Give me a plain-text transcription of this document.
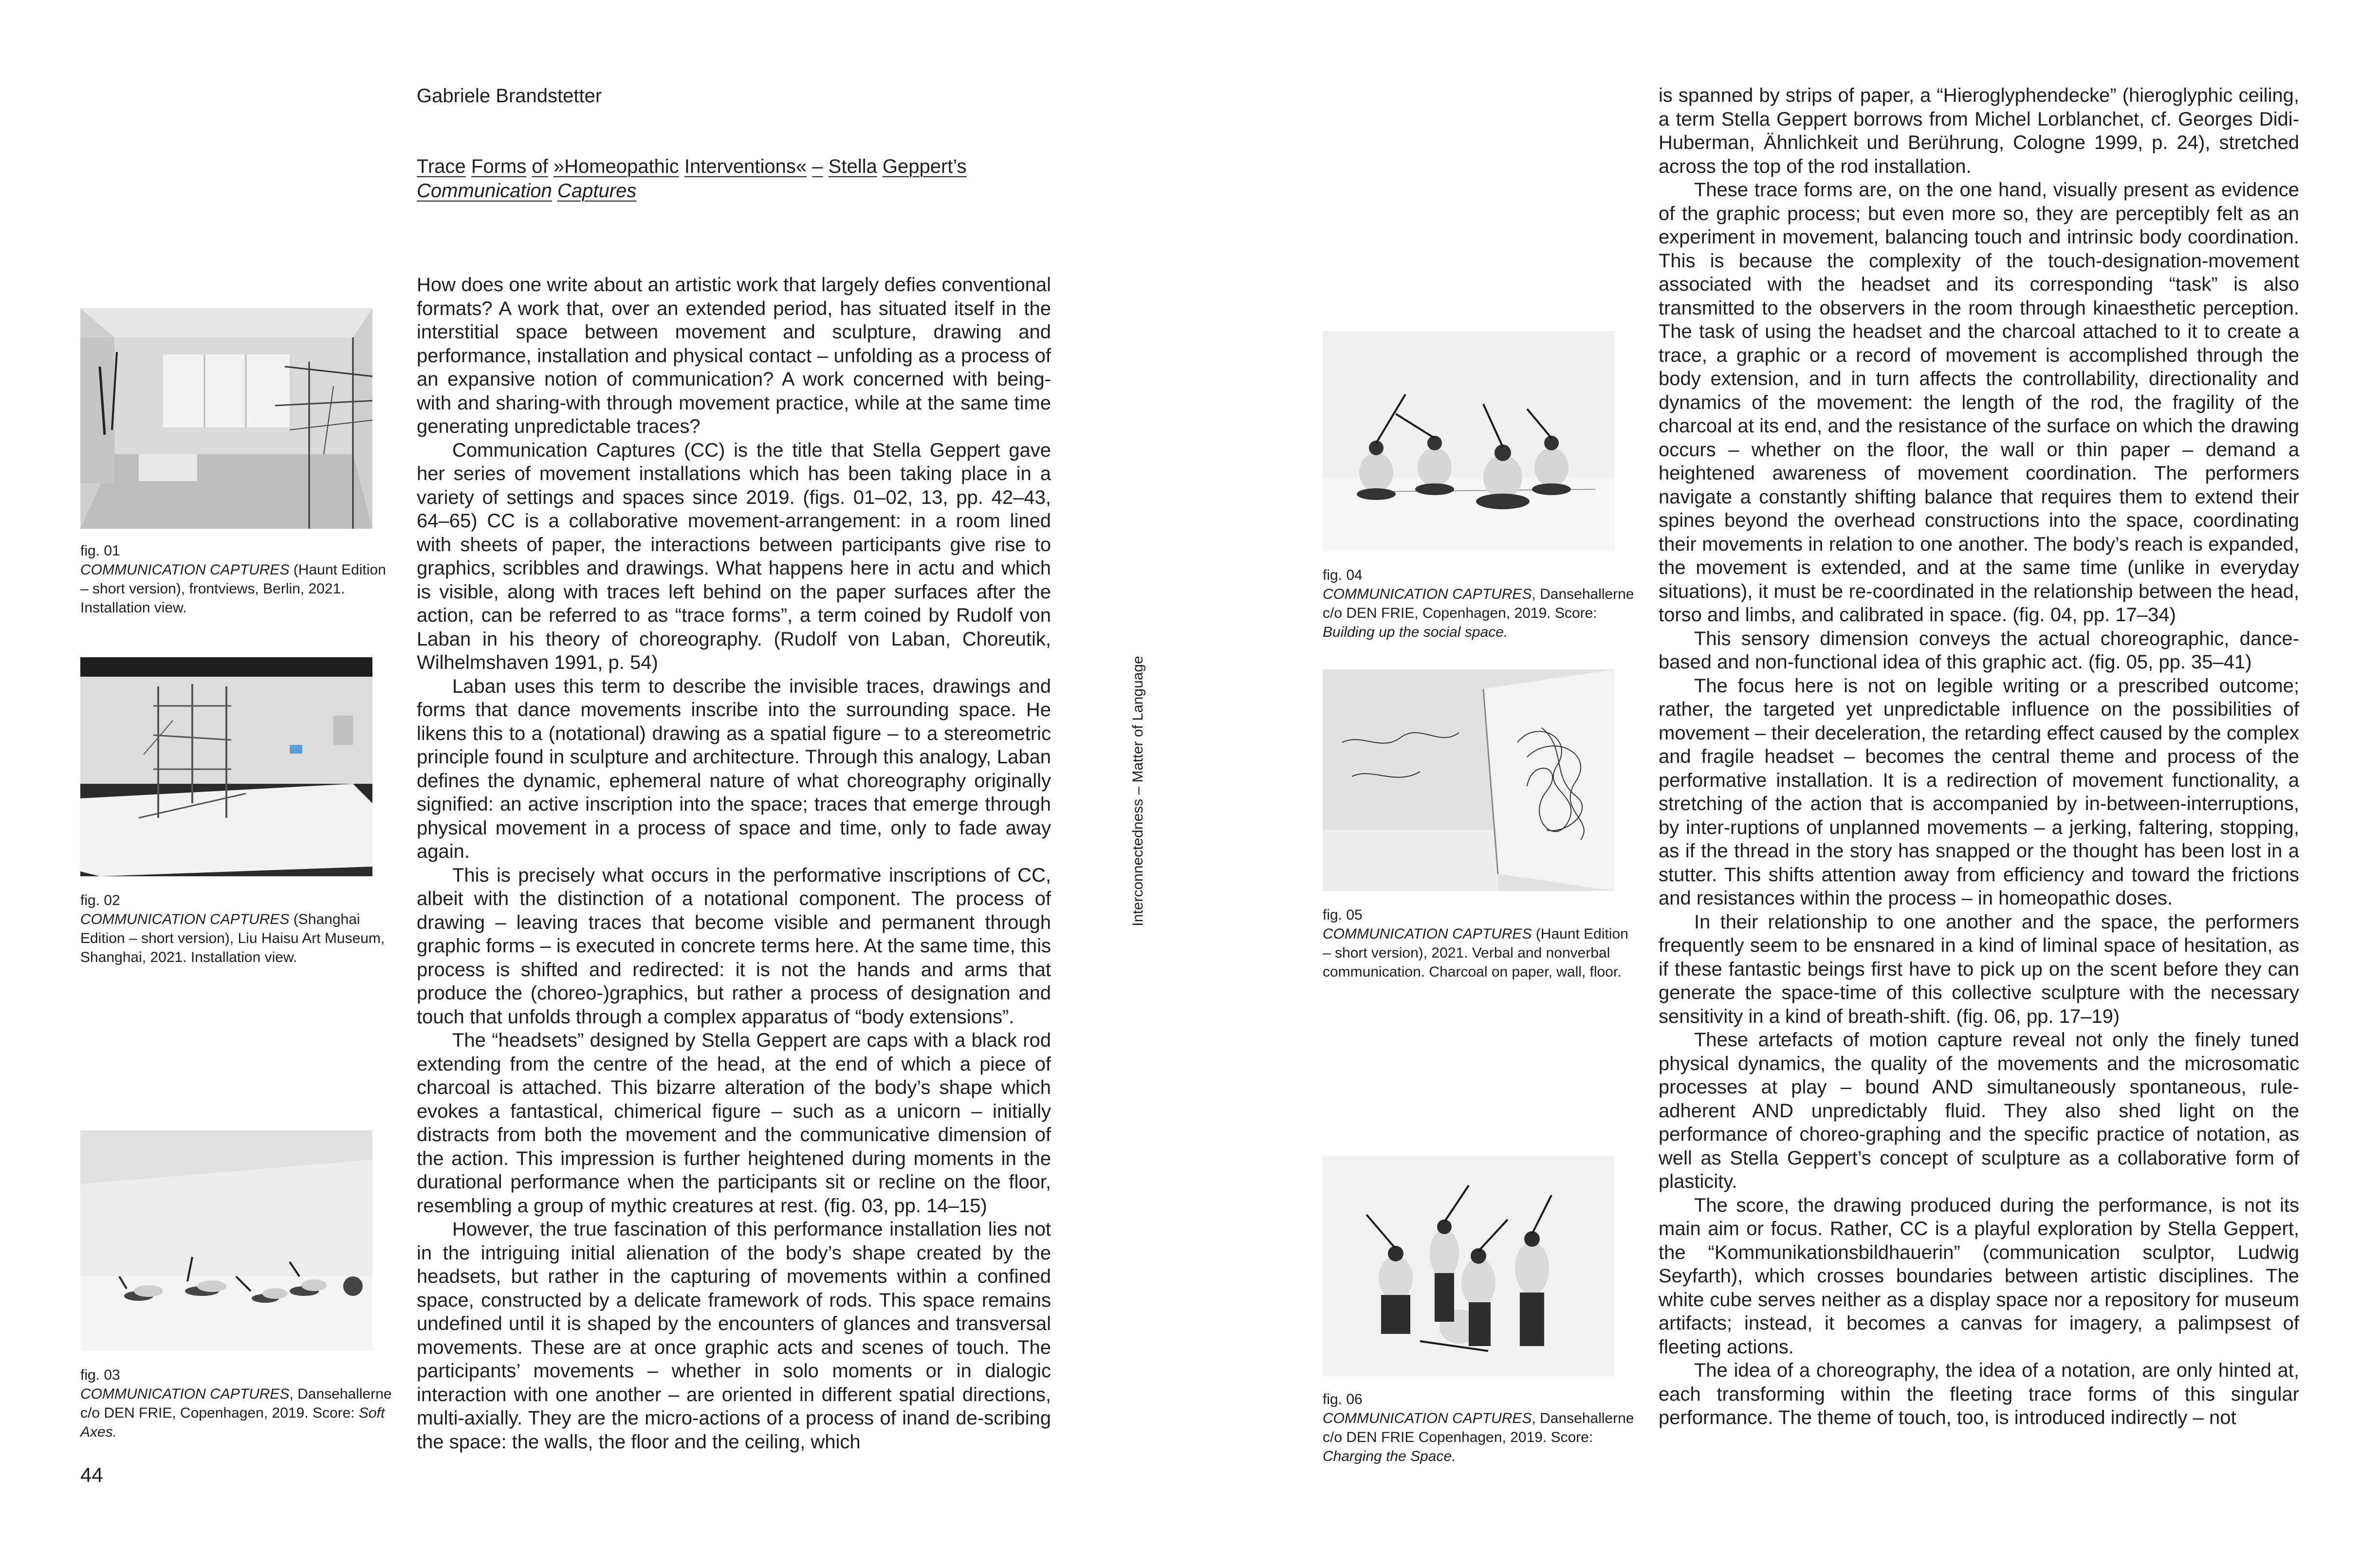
Gabriele Brandstetter
Trace Forms of »Homeopathic Interventions« – Stella Geppert’s
Communication Captures

How does one write about an artistic work that largely defies conventional formats? A work that, over an extended period, has situated itself in the interstitial space between movement and sculpture, drawing and performance, installation and physical contact – unfolding as a process of an expansive notion of communication? A work concerned with being-with and sharing-with through movement practice, while at the same time generating unpredictable traces?

Communication Captures (CC) is the title that Stella Geppert gave her series of movement installations which has been taking place in a variety of settings and spaces since 2019. (figs. 01–02, 13, pp. 42–43, 64–65) CC is a collaborative movement-arrangement: in a room lined with sheets of paper, the interactions between participants give rise to graphics, scribbles and drawings. What happens here in actu and which is visible, along with traces left behind on the paper surfaces after the action, can be referred to as “trace forms”, a term coined by Rudolf von Laban in his theory of choreography. (Rudolf von Laban, Choreutik, Wilhelmshaven 1991, p. 54)

Laban uses this term to describe the invisible traces, drawings and forms that dance movements inscribe into the surrounding space. He likens this to a (notational) drawing as a spatial figure – to a stereometric principle found in sculpture and architecture. Through this analogy, Laban defines the dynamic, ephemeral nature of what choreography originally signified: an active inscription into the space; traces that emerge through physical movement in a process of space and time, only to fade away again.

This is precisely what occurs in the performative inscriptions of CC, albeit with the distinction of a notational component. The process of drawing – leaving traces that become visible and permanent through graphic forms – is executed in concrete terms here. At the same time, this process is shifted and redirected: it is not the hands and arms that produce the (choreo-)graphics, but rather a process of designation and touch that unfolds through a complex apparatus of “body extensions”.

The “headsets” designed by Stella Geppert are caps with a black rod extending from the centre of the head, at the end of which a piece of charcoal is attached. This bizarre alteration of the body’s shape which evokes a fantastical, chimerical figure – such as a unicorn – initially distracts from both the movement and the communicative dimension of the action. This impression is further heightened during moments in the durational performance when the participants sit or recline on the floor, resembling a group of mythic creatures at rest. (fig. 03, pp. 14–15)

However, the true fascination of this performance installation lies not in the intriguing initial alienation of the body’s shape created by the headsets, but rather in the capturing of movements within a confined space, constructed by a delicate framework of rods. This space remains undefined until it is shaped by the encounters of glances and transversal movements. These are at once graphic acts and scenes of touch. The participants’ movements – whether in solo moments or in dialogic interaction with one another – are oriented in different spatial directions, multi-axially. They are the micro-actions of a process of inand de-scribing the space: the walls, the floor and the ceiling, which

is spanned by strips of paper, a “Hieroglyphendecke” (hieroglyphic ceiling, a term Stella Geppert borrows from Michel Lorblanchet, cf. Georges Didi-Huberman, Ähnlichkeit und Berührung, Cologne 1999, p. 24), stretched across the top of the rod installation.

These trace forms are, on the one hand, visually present as evidence of the graphic process; but even more so, they are perceptibly felt as an experiment in movement, balancing touch and intrinsic body coordination. This is because the complexity of the touch-designation-movement associated with the headset and its corresponding “task” is also transmitted to the observers in the room through kinaesthetic perception. The task of using the headset and the charcoal attached to it to create a trace, a graphic or a record of movement is accomplished through the body extension, and in turn affects the controllability, directionality and dynamics of the movement: the length of the rod, the fragility of the charcoal at its end, and the resistance of the surface on which the drawing occurs – whether on the floor, the wall or thin paper – demand a heightened awareness of movement coordination. The performers navigate a constantly shifting balance that requires them to extend their spines beyond the overhead constructions into the space, coordinating their movements in relation to one another. The body’s reach is expanded, the movement is extended, and at the same time (unlike in everyday situations), it must be re-coordinated in the relationship between the head, torso and limbs, and calibrated in space. (fig. 04, pp. 17–34)

This sensory dimension conveys the actual choreographic, dance-based and non-functional idea of this graphic act. (fig. 05, pp. 35–41)

The focus here is not on legible writing or a prescribed outcome; rather, the targeted yet unpredictable influence on the possibilities of movement – their deceleration, the retarding effect caused by the complex and fragile headset – becomes the central theme and process of the performative installation. It is a redirection of movement functionality, a stretching of the action that is accompanied by in-between-interruptions, by inter-ruptions of unplanned movements – a jerking, faltering, stopping, as if the thread in the story has snapped or the thought has been lost in a stutter. This shifts attention away from efficiency and toward the frictions and resistances within the process – in homeopathic doses.

In their relationship to one another and the space, the performers frequently seem to be ensnared in a kind of liminal space of hesitation, as if these fantastic beings first have to pick up on the scent before they can generate the space-time of this collective sculpture with the necessary sensitivity in a kind of breath-shift. (fig. 06, pp. 17–19)

These artefacts of motion capture reveal not only the finely tuned physical dynamics, the quality of the movements and the microsomatic processes at play – bound AND simultaneously spontaneous, rule-adherent AND unpredictably fluid. They also shed light on the performance of choreo-graphing and the specific practice of notation, as well as Stella Geppert’s concept of sculpture as a collaborative form of plasticity.

The score, the drawing produced during the performance, is not its main aim or focus. Rather, CC is a playful exploration by Stella Geppert, the “Kommunikationsbildhauerin” (communication sculptor, Ludwig Seyfarth), which crosses boundaries between artistic disciplines. The white cube serves neither as a display space nor a repository for museum artifacts; instead, it becomes a canvas for imagery, a palimpsest of fleeting actions.

The idea of a choreography, the idea of a notation, are only hinted at, each transforming within the fleeting trace forms of this singular performance. The theme of touch, too, is introduced indirectly – not

Interconnectedness – Matter of Language
44
fig. 01
COMMUNICATION CAPTURES (Haunt Edition – short version), frontviews, Berlin, 2021. Installation view.
fig. 02
COMMUNICATION CAPTURES (Shanghai Edition – short version), Liu Haisu Art Museum, Shanghai, 2021. Installation view.
fig. 03
COMMUNICATION CAPTURES, Dansehallerne c/o DEN FRIE, Copenhagen, 2019. Score: Soft Axes.
fig. 04
COMMUNICATION CAPTURES, Dansehallerne c/o DEN FRIE, Copenhagen, 2019. Score: Building up the social space.
fig. 05
COMMUNICATION CAPTURES (Haunt Edition – short version), 2021. Verbal and nonverbal communication. Charcoal on paper, wall, floor.
fig. 06
COMMUNICATION CAPTURES, Dansehallerne c/o DEN FRIE Copenhagen, 2019. Score: Charging the Space.
